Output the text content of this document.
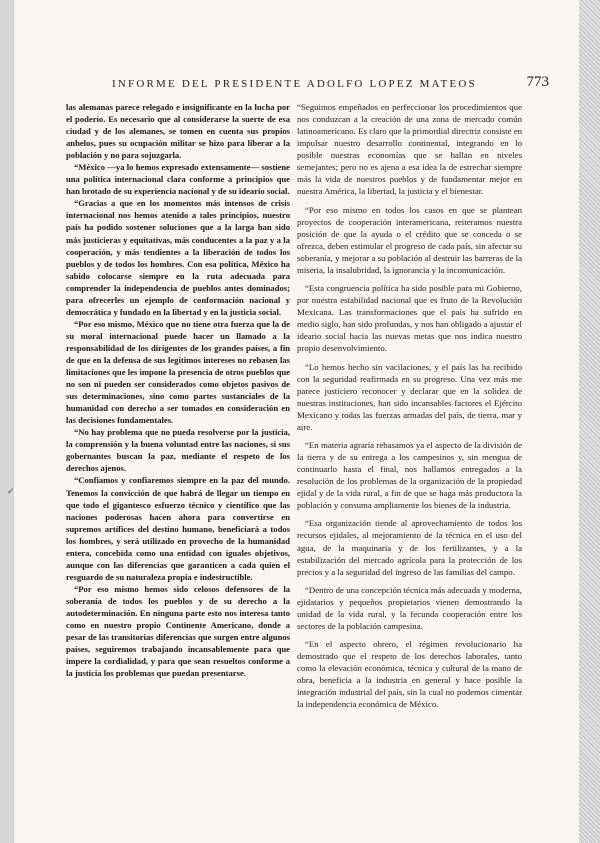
INFORME DEL PRESIDENTE ADOLFO LOPEZ MATEOS	773
✓

las alemanas parece relegado e insignificante en la lucha por el poderío. Es necesario que al considerarse la suerte de esa ciudad y de los alemanes, se tomen en cuenta sus propios anhelos, pues su ocupación militar se hizo para liberar a la población y no para sojuzgarla.

“México —ya lo hemos expresado extensamente— sostiene una política internacional clara conforme a principios que han brotado de su experiencia nacional y de su ideario social.

“Gracias a que en los momentos más intensos de crisis internacional nos hemos atenido a tales principios, nuestro país ha podido sostener soluciones que a la larga han sido más justicieras y equitativas, más conducentes a la paz y a la cooperación, y más tendientes a la liberación de todos los pueblos y de todos los hombres. Con esa política, México ha sabido colocarse siempre en la ruta adecuada para comprender la independencia de pueblos antes dominados; para ofrecerles un ejemplo de conformación nacional y democrática y fundado en la libertad y en la justicia social.

“Por eso mismo, México que no tiene otra fuerza que la de su moral internacional puede hacer un llamado a la responsabilidad de los dirigentes de los grandes países, a fin de que en la defensa de sus legítimos intereses no rebasen las limitaciones que les impone la presencia de otros pueblos que no son ni pueden ser considerados como objetos pasivos de sus determinaciones, sino como partes sustanciales de la humanidad con derecho a ser tomados en consideración en las decisiones fundamentales.

“No hay problema que no pueda resolverse por la justicia, la comprensión y la buena voluntad entre las naciones, si sus gobernantes buscan la paz, mediante el respeto de los derechos ajenos.

“Confiamos y confiaremos siempre en la paz del mundo. Tenemos la convicción de que habrá de llegar un tiempo en que todo el gigantesco esfuerzo técnico y científico que las naciones poderosas hacen ahora para convertirse en supremos artífices del destino humano, beneficiará a todos los hombres, y será utilizado en provecho de la humanidad entera, concebida como una entidad con iguales objetivos, aunque con las diferencias que garanticen a cada quien el resguardo de su naturaleza propia e indestructible.

“Por eso mismo hemos sido celosos defensores de la soberanía de todos los pueblos y de su derecho a la autodeterminación. En ninguna parte esto nos interesa tanto como en nuestro propio Continente Americano, donde a pesar de las transitorias diferencias que surgen entre algunos países, seguiremos trabajando incansablemente para que impere la cordialidad, y para que sean resueltos conforme a la justicia los problemas que puedan presentarse.

“Seguimos empeñados en perfeccionar los procedimientos que nos conduzcan a la creación de una zona de mercado común latinoamericano. Es claro que la primordial directriz consiste en impulsar nuestro desarrollo continental, integrando en lo posible nuestras economías que se hallan en niveles semejantes; pero no es ajena a esa idea la de estrechar siempre más la vida de nuestros pueblos y de fundamentar mejor en nuestra América, la libertad, la justicia y el bienestar.

“Por eso mismo en todos los casos en que se plantean proyectos de cooperación interamericana, reiteramos nuestra posición de que la ayuda o el crédito que se conceda o se ofrezca, deben estimular el progreso de cada país, sin afectar su soberanía, y mejorar a su población al destruir las barreras de la miseria, la insalubridad, la ignorancia y la incomunicación.

“Esta congruencia política ha sido posible para mi Gobierno, por nuestra estabilidad nacional que es fruto de la Revolución Mexicana. Las transformaciones que el país ha sufrido en medio siglo, han sido profundas, y nos han obligado a ajustar el ideario social hacia las nuevas metas que nos indica nuestro propio desenvolvimiento.

“Lo hemos hecho sin vacilaciones, y el país las ha recibido con la seguridad reafirmada en su progreso. Una vez más me parece justiciero reconocer y declarar que en la solidez de nuestras instituciones, han sido incansables factores el Ejército Mexicano y todas las fuerzas armadas del país, de tierra, mar y aire.

“En materia agraria rebasamos ya el aspecto de la división de la tierra y de su entrega a los campesinos y, sin mengua de continuarlo hasta el final, nos hallamos entregados a la resolución de los problemas de la organización de la propiedad ejidal y de la vida rural, a fin de que se haga más productora la población y consuma ampliamente los bienes de la industria.

“Esa organización tiende al aprovechamiento de todos los recursos ejidales, al mejoramiento de la técnica en el uso del agua, de la maquinaria y de los fertilizantes, y a la estabilización del mercado agrícola para la protección de los precios y a la seguridad del ingreso de las familias del campo.

“Dentro de una concepción técnica más adecuada y moderna, ejidatarios y pequeños propietarios vienen demostrando la unidad de la vida rural, y la fecunda cooperación entre los sectores de la población campesina.

“En el aspecto obrero, el régimen revolucionario ha demostrado que el respeto de los derechos laborales, tanto como la elevación económica, técnica y cultural de la mano de obra, beneficia a la industria en general y hace posible la integración industrial del país, sin la cual no podemos cimentar la independencia económica de México.
